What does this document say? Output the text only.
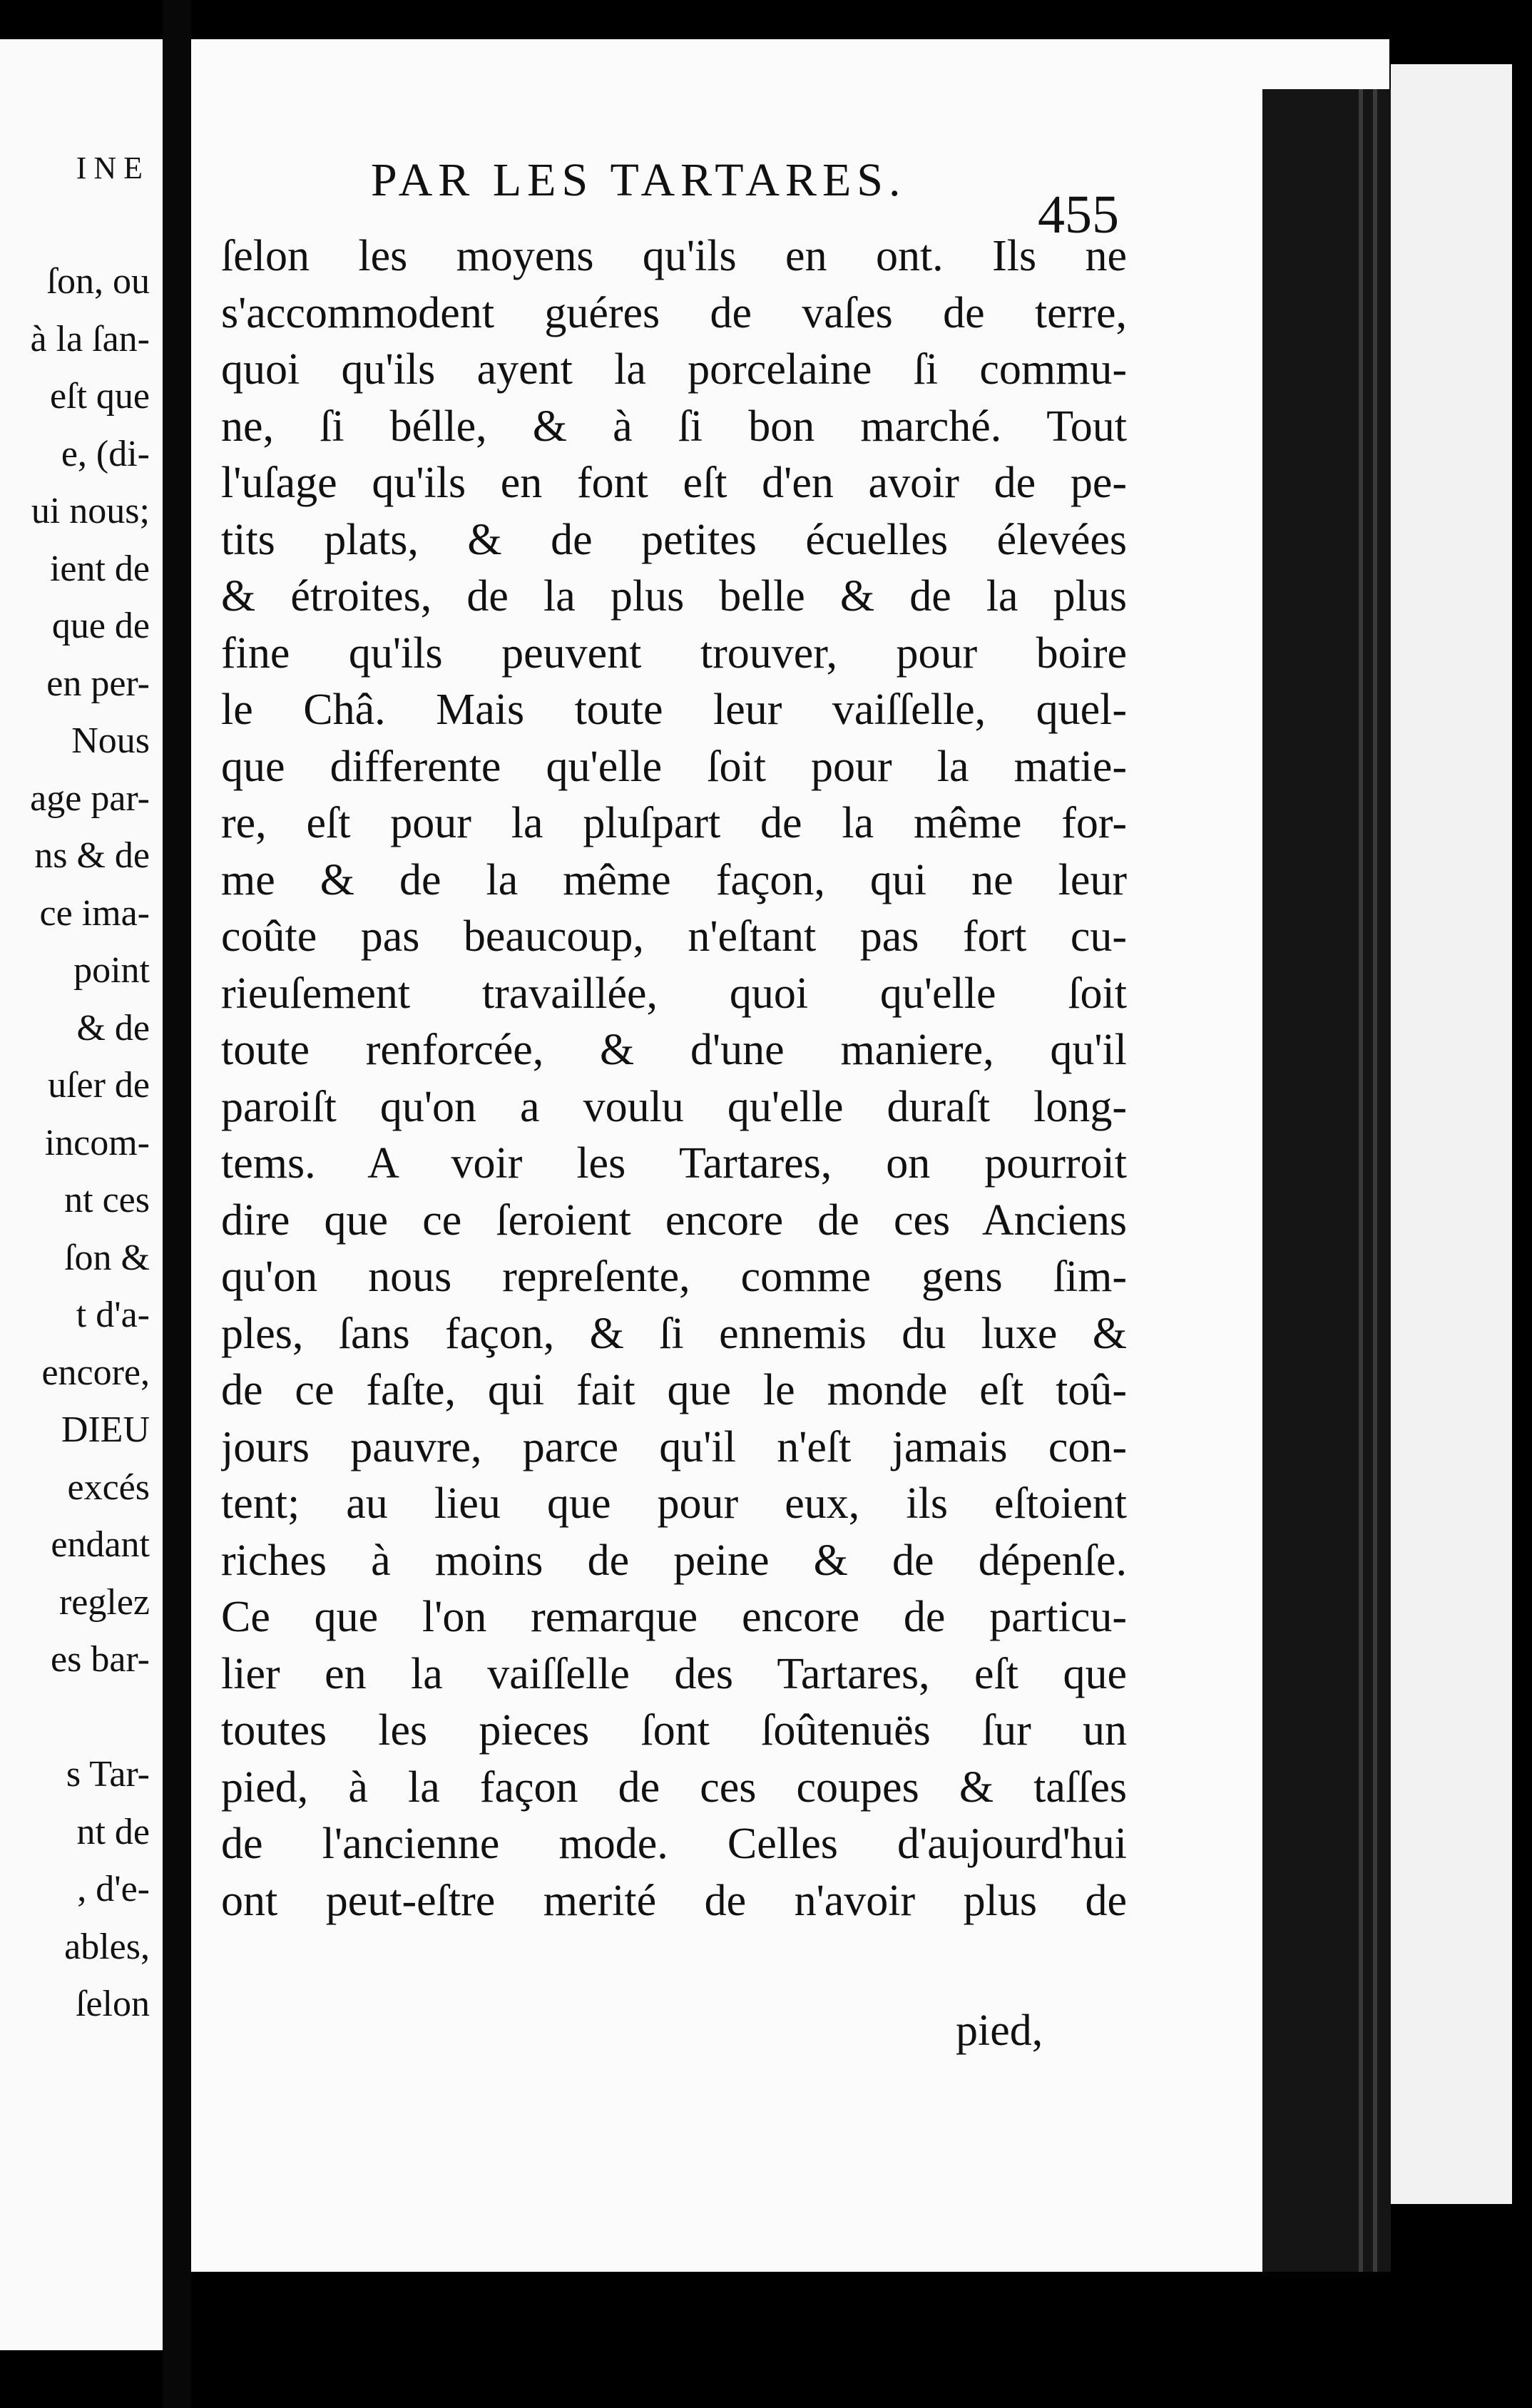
INE
ſon, ou
à la ſan-
eſt que
e, (di-
ui nous;
ient de
que de
en per-
Nous
age par-
ns & de
ce ima-
point
& de
uſer de
incom-
nt ces
ſon &
t d'a-
encore,
DIEU
excés
endant
reglez
es bar-
s Tar-
nt de
, d'e-
ables,
ſelon
PAR LES TARTARES.
455
ſelon les moyens qu'ils en ont. Ils ne
s'accommodent guéres de vaſes de terre,
quoi qu'ils ayent la porcelaine ſi commu-
ne, ſi bélle, & à ſi bon marché. Tout
l'uſage qu'ils en font eſt d'en avoir de pe-
tits plats, & de petites écuelles élevées
& étroites, de la plus belle & de la plus
fine qu'ils peuvent trouver, pour boire
le Châ. Mais toute leur vaiſſelle, quel-
que differente qu'elle ſoit pour la matie-
re, eſt pour la pluſpart de la même for-
me & de la même façon, qui ne leur
coûte pas beaucoup, n'eſtant pas fort cu-
rieuſement travaillée, quoi qu'elle ſoit
toute renforcée, & d'une maniere, qu'il
paroiſt qu'on a voulu qu'elle duraſt long-
tems. A voir les Tartares, on pourroit
dire que ce ſeroient encore de ces Anciens
qu'on nous repreſente, comme gens ſim-
ples, ſans façon, & ſi ennemis du luxe &
de ce faſte, qui fait que le monde eſt toû-
jours pauvre, parce qu'il n'eſt jamais con-
tent; au lieu que pour eux, ils eſtoient
riches à moins de peine & de dépenſe.
Ce que l'on remarque encore de particu-
lier en la vaiſſelle des Tartares, eſt que
toutes les pieces ſont ſoûtenuës ſur un
pied, à la façon de ces coupes & taſſes
de l'ancienne mode. Celles d'aujourd'hui
ont peut-eſtre merité de n'avoir plus de
pied,
